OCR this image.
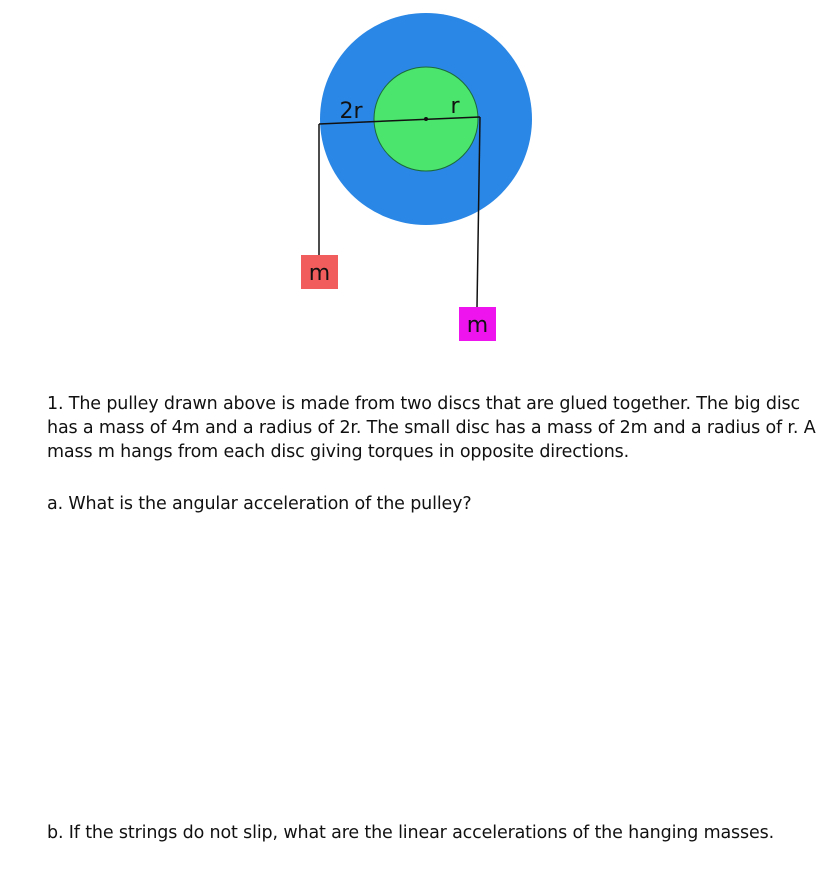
m
m
2r	r
1. The pulley drawn above is made from two discs that are glued together. The big disc has a mass of 4m and a radius of 2r. The small disc has a mass of 2m and a radius of r. A mass m hangs from each disc giving torques in opposite directions.
a. What is the angular acceleration of the pulley?
b. If the strings do not slip, what are the linear accelerations of the hanging masses.
